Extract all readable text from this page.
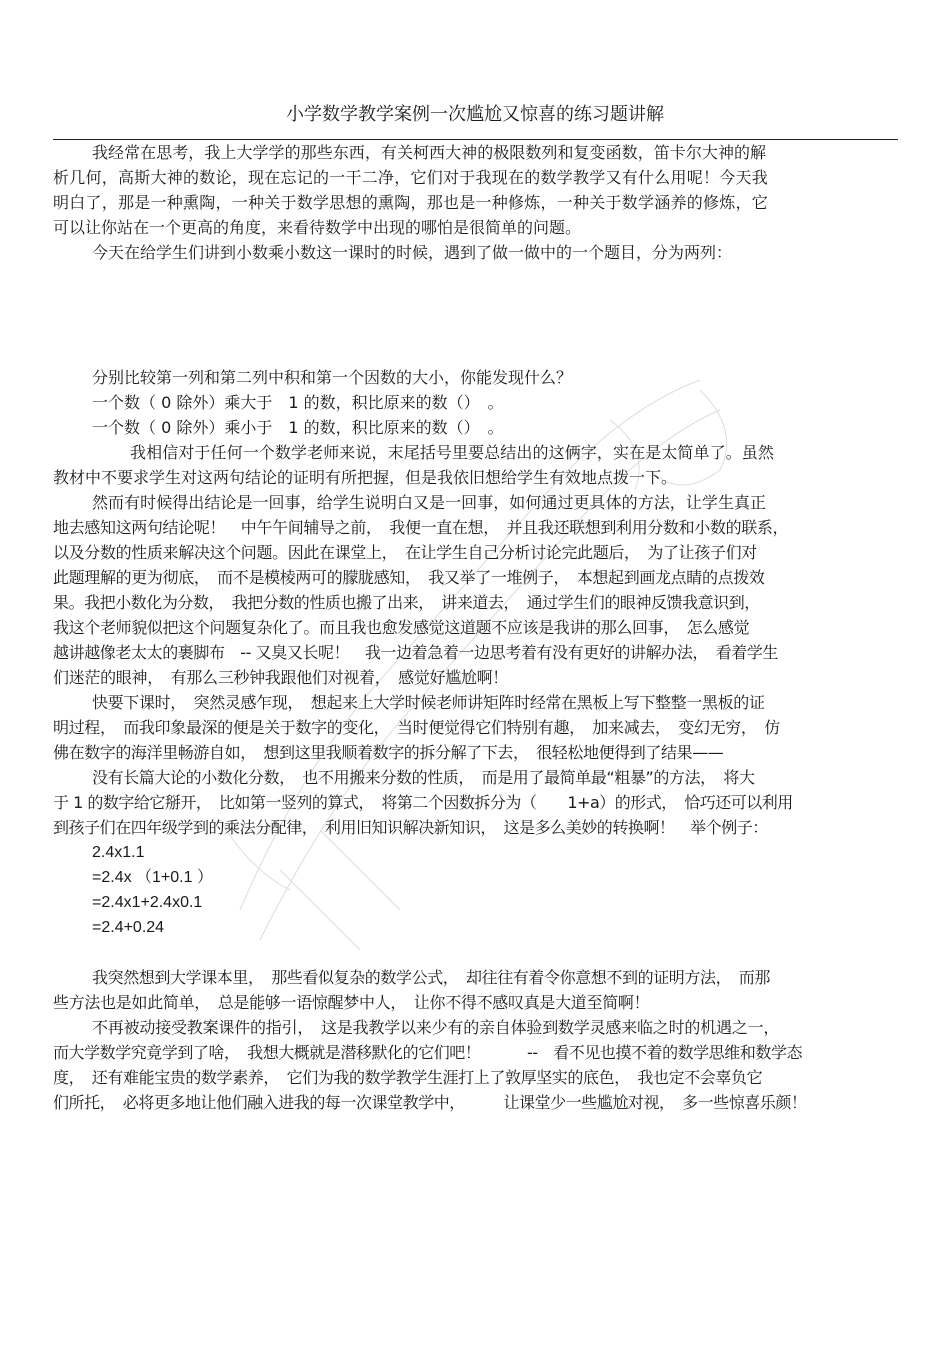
小学数学教学案例一次尴尬又惊喜的练习题讲解
我经常在思考，我上大学学的那些东西，有关柯西大神的极限数列和复变函数，笛卡尔大神的解
析几何，高斯大神的数论，现在忘记的一干二净，它们对于我现在的数学教学又有什么用呢！今天我
明白了，那是一种熏陶，一种关于数学思想的熏陶，那也是一种修炼，一种关于数学涵养的修炼，它
可以让你站在一个更高的角度，来看待数学中出现的哪怕是很简单的问题。
今天在给学生们讲到小数乘小数这一课时的时候，遇到了做一做中的一个题目，分为两列：
分别比较第一列和第二列中积和第一个因数的大小，你能发现什么？
一个数（ 0 除外）乘大于　1 的数，积比原来的数（）　。
一个数（ 0 除外）乘小于　1 的数，积比原来的数（）　。
我相信对于任何一个数学老师来说，末尾括号里要总结出的这俩字，实在是太简单了。虽然
教材中不要求学生对这两句结论的证明有所把握，但是我依旧想给学生有效地点拨一下。
然而有时候得出结论是一回事，给学生说明白又是一回事，如何通过更具体的方法，让学生真正
地去感知这两句结论呢！　中午午间辅导之前，　我便一直在想，　并且我还联想到利用分数和小数的联系，
以及分数的性质来解决这个问题。因此在课堂上，　在让学生自己分析讨论完此题后，　为了让孩子们对
此题理解的更为彻底，　而不是模棱两可的朦胧感知，　我又举了一堆例子，　本想起到画龙点睛的点拨效
果。我把小数化为分数，　我把分数的性质也搬了出来，　讲来道去，　通过学生们的眼神反馈我意识到，
我这个老师貌似把这个问题复杂化了。而且我也愈发感觉这道题不应该是我讲的那么回事，　怎么感觉
越讲越像老太太的裹脚布　-- 又臭又长呢！　我一边着急着一边思考着有没有更好的讲解办法，　看着学生
们迷茫的眼神，　有那么三秒钟我跟他们对视着，　感觉好尴尬啊！
快要下课时，　突然灵感乍现，　想起来上大学时候老师讲矩阵时经常在黑板上写下整整一黑板的证
明过程，　而我印象最深的便是关于数字的变化，　当时便觉得它们特别有趣，　加来减去，　变幻无穷，　仿
佛在数字的海洋里畅游自如，　想到这里我顺着数字的拆分解了下去，　很轻松地便得到了结果——
没有长篇大论的小数化分数，　也不用搬来分数的性质，　而是用了最简单最“粗暴”的方法，　将大
于 1 的数字给它掰开，　比如第一竖列的算式，　将第二个因数拆分为（　　1+a）的形式，　恰巧还可以利用
到孩子们在四年级学到的乘法分配律，　利用旧知识解决新知识，　这是多么美妙的转换啊！　举个例子：
2.4x1.1
=2.4x （1+0.1 ）
=2.4x1+2.4x0.1
=2.4+0.24
我突然想到大学课本里，　那些看似复杂的数学公式，　却往往有着令你意想不到的证明方法，　而那
些方法也是如此简单，　总是能够一语惊醒梦中人，　让你不得不感叹真是大道至简啊！
不再被动接受教案课件的指引，　这是我教学以来少有的亲自体验到数学灵感来临之时的机遇之一，
而大学数学究竟学到了啥，　我想大概就是潜移默化的它们吧！　　　--　看不见也摸不着的数学思维和数学态
度，　还有难能宝贵的数学素养，　它们为我的数学教学生涯打上了敦厚坚实的底色，　我也定不会辜负它
们所托，　必将更多地让他们融入进我的每一次课堂教学中，　　　让课堂少一些尴尬对视，　多一些惊喜乐颜！
